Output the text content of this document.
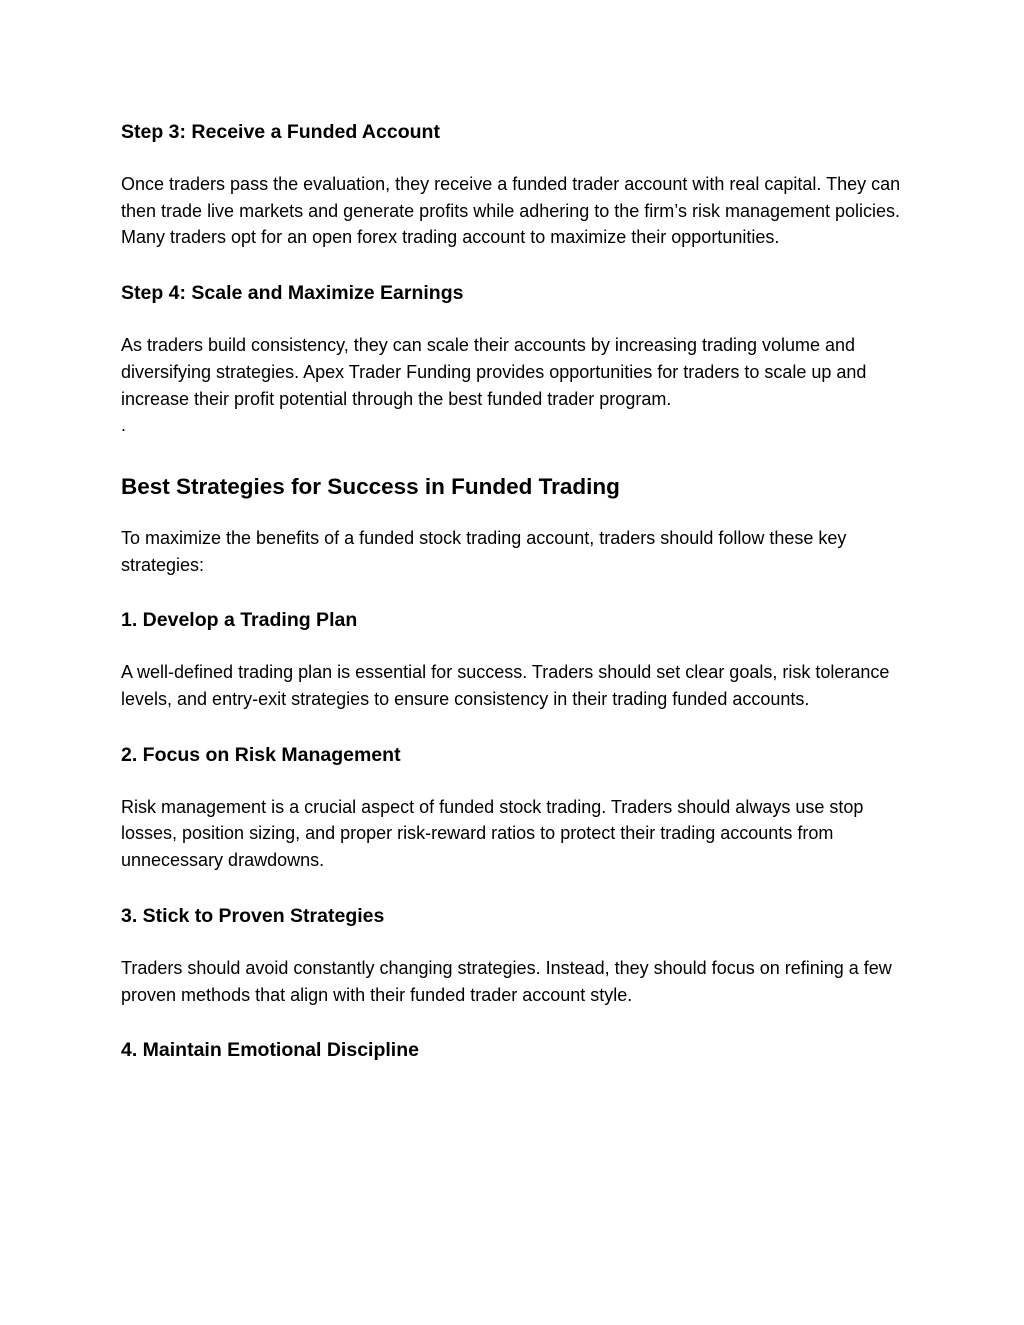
Step 3: Receive a Funded Account

Once traders pass the evaluation, they receive a funded trader account with real capital. They can then trade live markets and generate profits while adhering to the firm’s risk management policies. Many traders opt for an open forex trading account to maximize their opportunities.

Step 4: Scale and Maximize Earnings

As traders build consistency, they can scale their accounts by increasing trading volume and diversifying strategies. Apex Trader Funding provides opportunities for traders to scale up and increase their profit potential through the best funded trader program.

.

Best Strategies for Success in Funded Trading

To maximize the benefits of a funded stock trading account, traders should follow these key strategies:

1. Develop a Trading Plan

A well-defined trading plan is essential for success. Traders should set clear goals, risk tolerance levels, and entry-exit strategies to ensure consistency in their trading funded accounts.

2. Focus on Risk Management

Risk management is a crucial aspect of funded stock trading. Traders should always use stop losses, position sizing, and proper risk-reward ratios to protect their trading accounts from unnecessary drawdowns.

3. Stick to Proven Strategies

Traders should avoid constantly changing strategies. Instead, they should focus on refining a few proven methods that align with their funded trader account style.

4. Maintain Emotional Discipline
